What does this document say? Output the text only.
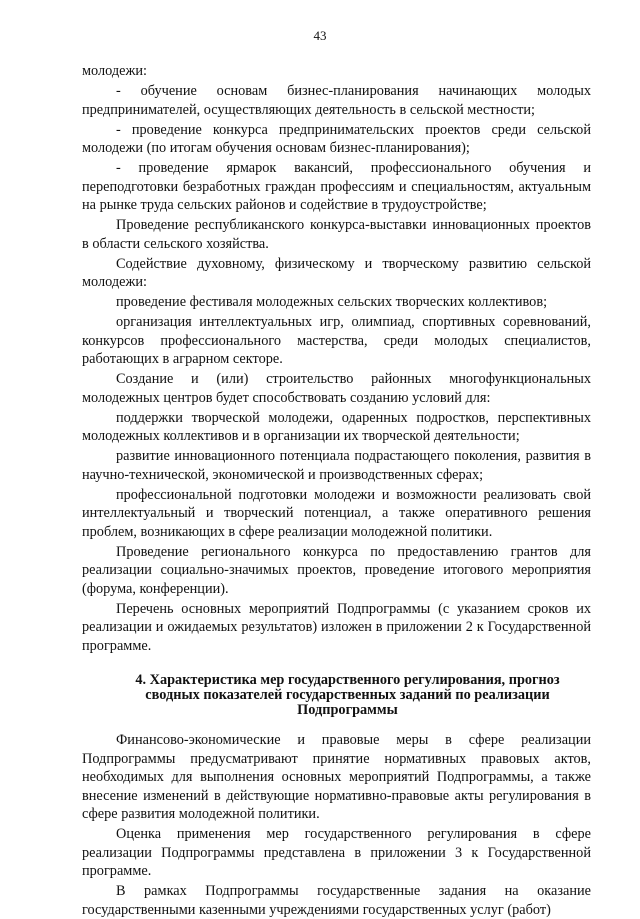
43

молодежи:

- обучение основам бизнес-планирования начинающих молодых предпринимателей, осуществляющих деятельность в сельской местности;

- проведение конкурса предпринимательских проектов среди сельской молодежи (по итогам обучения основам бизнес-планирования);

- проведение ярмарок вакансий, профессионального обучения и переподготовки безработных граждан профессиям и специальностям, актуальным на рынке труда сельских районов и содействие в трудоустройстве;

Проведение республиканского конкурса-выставки инновационных проектов в области сельского хозяйства.

Содействие духовному, физическому и творческому развитию сельской молодежи:

проведение фестиваля молодежных сельских творческих коллективов;

организация интеллектуальных игр, олимпиад, спортивных соревнований, конкурсов профессионального мастерства, среди молодых специалистов, работающих в аграрном секторе.

Создание и (или) строительство районных многофункциональных молодежных центров будет способствовать созданию условий для:

поддержки творческой молодежи, одаренных подростков, перспективных молодежных коллективов и в организации их творческой деятельности;

развитие инновационного потенциала подрастающего поколения, развития в научно-технической, экономической и производственных сферах;

профессиональной подготовки молодежи и возможности реализовать свой интеллектуальный и творческий потенциал, а также оперативного решения проблем, возникающих в сфере реализации молодежной политики.

Проведение регионального конкурса по предоставлению грантов для реализации социально-значимых проектов, проведение итогового мероприятия (форума, конференции).

Перечень основных мероприятий Подпрограммы (с указанием сроков их реализации и ожидаемых результатов) изложен в приложении 2 к Государственной программе.

4. Характеристика мер государственного регулирования, прогноз сводных показателей государственных заданий по реализации Подпрограммы

Финансово-экономические и правовые меры в сфере реализации Подпрограммы предусматривают принятие нормативных правовых актов, необходимых для выполнения основных мероприятий Подпрограммы, а также внесение изменений в действующие нормативно-правовые акты регулирования в сфере развития молодежной политики.

Оценка применения мер государственного регулирования в сфере реализации Подпрограммы представлена в приложении 3 к Государственной программе.

В рамках Подпрограммы государственные задания на оказание государственными казенными учреждениями государственных услуг (работ)
